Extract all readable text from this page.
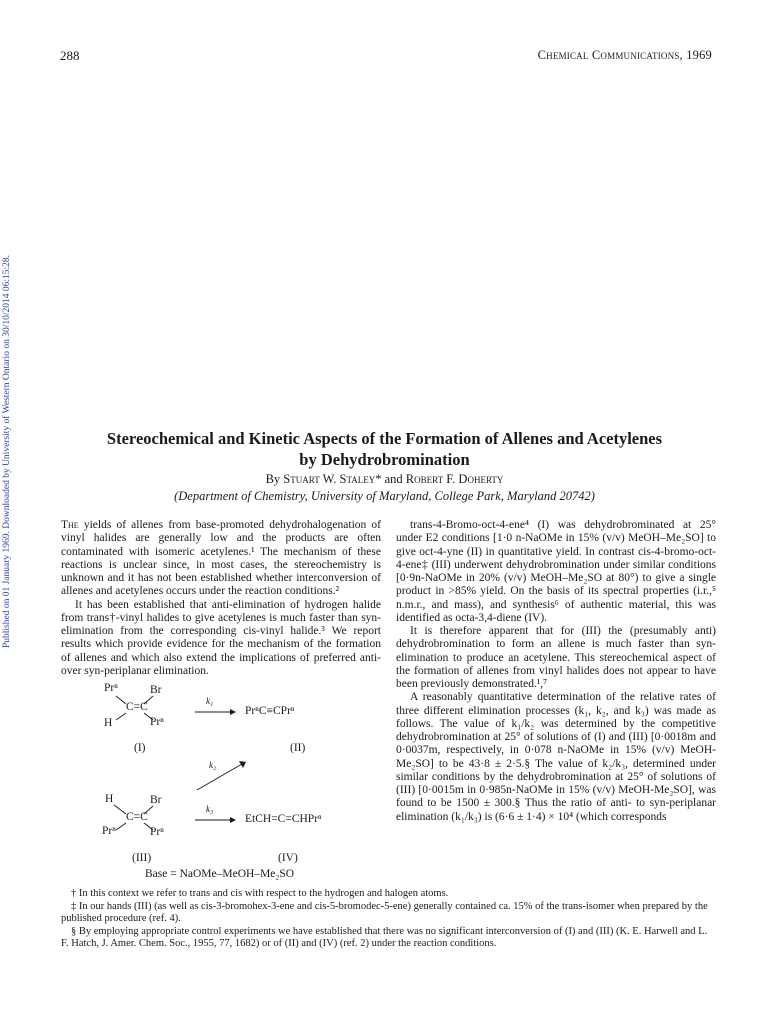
288	Chemical Communications, 1969
Published on 01 January 1969. Downloaded by University of Western Ontario on 30/10/2014 06:15:28.	Stereochemical and Kinetic Aspects of the Formation of Allenes and Acetylenes
by Dehydrobromination
By Stuart W. Staley* and Robert F. Doherty
(Department of Chemistry, University of Maryland, College Park, Maryland 20742)

The yields of allenes from base-promoted dehydrohalogenation of vinyl halides are generally low and the products are often contaminated with isomeric acetylenes.¹ The mechanism of these reactions is unclear since, in most cases, the stereochemistry is unknown and it has not been established whether interconversion of allenes and acetylenes occurs under the reaction conditions.²

It has been established that anti-elimination of hydrogen halide from trans†-vinyl halides to give acetylenes is much faster than syn-elimination from the corresponding cis-vinyl halide.³ We report results which provide evidence for the mechanism of the formation of allenes and which also extend the implications of preferred anti- over syn-periplanar elimination.

Prⁿ	Br
C=C
H	Prⁿ
(I)
k₁
PrⁿC≡CPrⁿ
(II)
k₂
H	Br
C=C
Prⁿ	Prⁿ
(III)
k₃
EtCH=C=CHPrⁿ
(IV)
Base = NaOMe–MeOH–Me₂SO

trans-4-Bromo-oct-4-ene⁴ (I) was dehydrobrominated at 25° under E2 conditions [1·0 n-NaOMe in 15% (v/v) MeOH–Me₂SO] to give oct-4-yne (II) in quantitative yield. In contrast cis-4-bromo-oct-4-ene‡ (III) underwent dehydrobromination under similar conditions [0·9n-NaOMe in 20% (v/v) MeOH–Me₂SO at 80°) to give a single product in >85% yield. On the basis of its spectral properties (i.r.,⁵ n.m.r., and mass), and synthesis⁶ of authentic material, this was identified as octa-3,4-diene (IV).

It is therefore apparent that for (III) the (presumably anti) dehydrobromination to form an allene is much faster than syn-elimination to produce an acetylene. This stereochemical aspect of the formation of allenes from vinyl halides does not appear to have been previously demonstrated.¹,⁷

A reasonably quantitative determination of the relative rates of three different elimination processes (k₁, k₂, and k₃) was made as follows. The value of k₁/k₂ was determined by the competitive dehydrobromination at 25° of solutions of (I) and (III) [0·0018m and 0·0037m, respectively, in 0·078 n-NaOMe in 15% (v/v) MeOH-Me₂SO] to be 43·8 ± 2·5.§ The value of k₂/k₃, determined under similar conditions by the dehydrobromination at 25° of solutions of (III) [0·0015m in 0·985n-NaOMe in 15% (v/v) MeOH-Me₂SO], was found to be 1500 ± 300.§ Thus the ratio of anti- to syn-periplanar elimination (k₁/k₃) is (6·6 ± 1·4) × 10⁴ (which corresponds

† In this context we refer to trans and cis with respect to the hydrogen and halogen atoms.

‡ In our hands (III) (as well as cis-3-bromohex-3-ene and cis-5-bromodec-5-ene) generally contained ca. 15% of the trans-isomer when prepared by the published procedure (ref. 4).

§ By employing appropriate control experiments we have established that there was no significant interconversion of (I) and (III) (K. E. Harwell and L. F. Hatch, J. Amer. Chem. Soc., 1955, 77, 1682) or of (II) and (IV) (ref. 2) under the reaction conditions.
